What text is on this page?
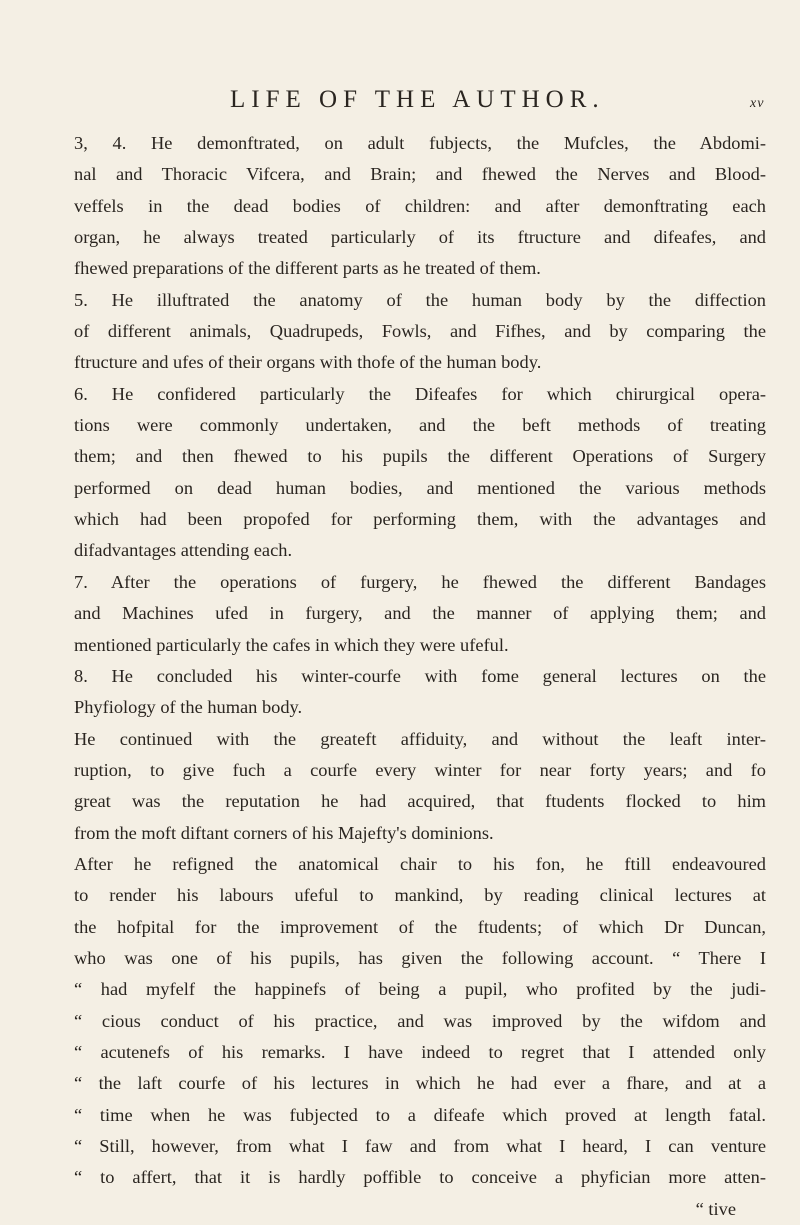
LIFE OF THE AUTHOR.	xv
3, 4. He demonftrated, on adult fubjects, the Mufcles, the Abdomi-
nal and Thoracic Vifcera, and Brain; and fhewed the Nerves and Blood-
veffels in the dead bodies of children: and after demonftrating each
organ, he always treated particularly of its ftructure and difeafes, and
fhewed preparations of the different parts as he treated of them.
5. He illuftrated the anatomy of the human body by the diffection
of different animals, Quadrupeds, Fowls, and Fifhes, and by comparing the
ftructure and ufes of their organs with thofe of the human body.
6. He confidered particularly the Difeafes for which chirurgical opera-
tions were commonly undertaken, and the beft methods of treating
them; and then fhewed to his pupils the different Operations of Surgery
performed on dead human bodies, and mentioned the various methods
which had been propofed for performing them, with the advantages and
difadvantages attending each.
7. After the operations of furgery, he fhewed the different Bandages
and Machines ufed in furgery, and the manner of applying them; and
mentioned particularly the cafes in which they were ufeful.
8. He concluded his winter-courfe with fome general lectures on the
Phyfiology of the human body.
He continued with the greateft affiduity, and without the leaft inter-
ruption, to give fuch a courfe every winter for near forty years; and fo
great was the reputation he had acquired, that ftudents flocked to him
from the moft diftant corners of his Majefty's dominions.
After he refigned the anatomical chair to his fon, he ftill endeavoured
to render his labours ufeful to mankind, by reading clinical lectures at
the hofpital for the improvement of the ftudents; of which Dr Duncan,
who was one of his pupils, has given the following account. “ There I
“ had myfelf the happinefs of being a pupil, who profited by the judi-
“ cious conduct of his practice, and was improved by the wifdom and
“ acutenefs of his remarks. I have indeed to regret that I attended only
“ the laft courfe of his lectures in which he had ever a fhare, and at a
“ time when he was fubjected to a difeafe which proved at length fatal.
“ Still, however, from what I faw and from what I heard, I can venture
“ to affert, that it is hardly poffible to conceive a phyfician more atten-
“ tive
